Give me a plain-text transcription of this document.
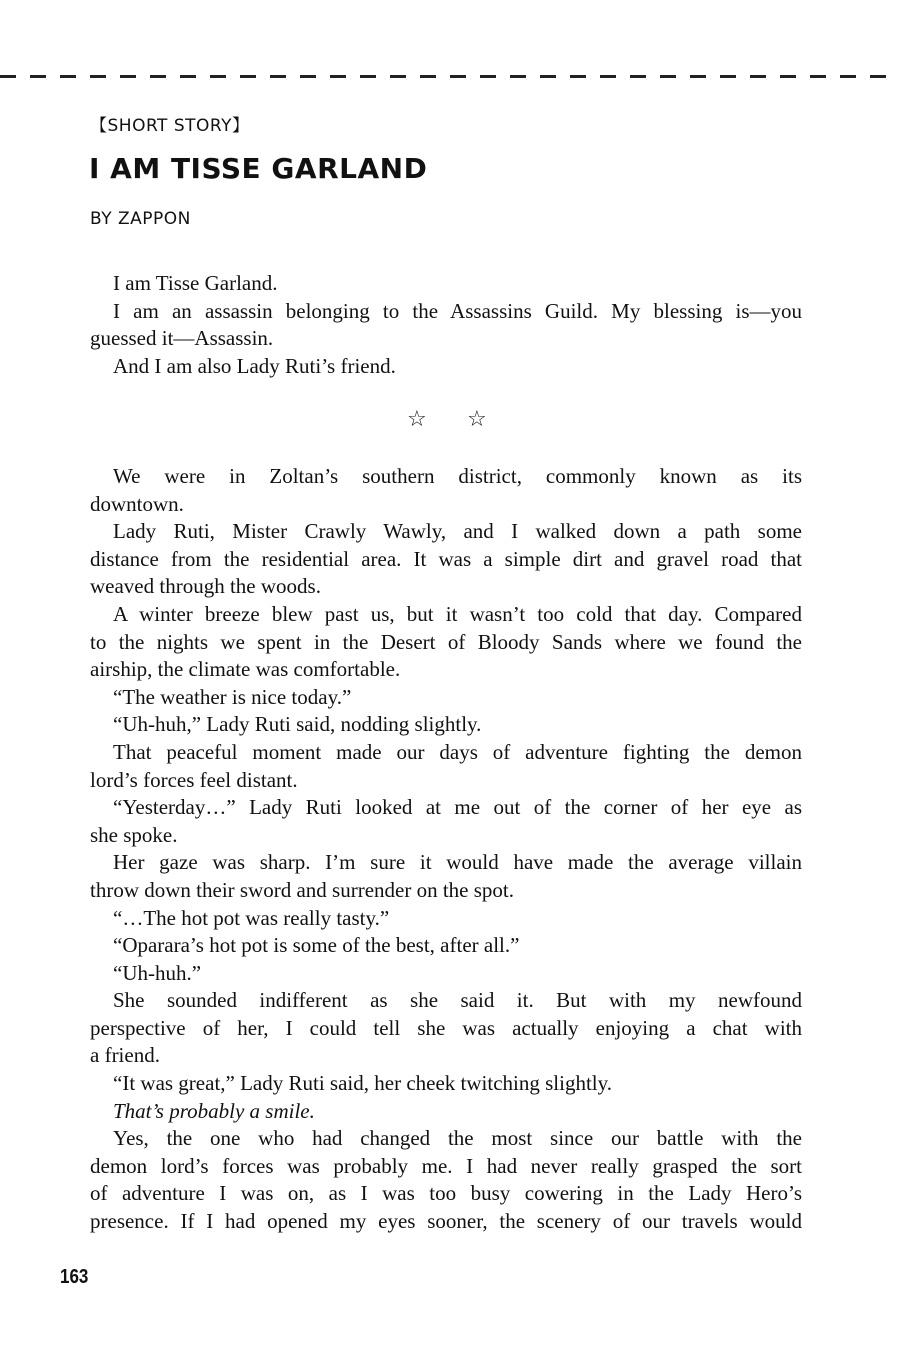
【SHORT STORY】
I AM TISSE GARLAND
BY ZAPPON
I am Tisse Garland.
I am an assassin belonging to the Assassins Guild. My blessing is—you
guessed it—Assassin.
And I am also Lady Ruti’s friend.
☆ ☆
We were in Zoltan’s southern district, commonly known as its
downtown.
Lady Ruti, Mister Crawly Wawly, and I walked down a path some
distance from the residential area. It was a simple dirt and gravel road that
weaved through the woods.
A winter breeze blew past us, but it wasn’t too cold that day. Compared
to the nights we spent in the Desert of Bloody Sands where we found the
airship, the climate was comfortable.
“The weather is nice today.”
“Uh-huh,” Lady Ruti said, nodding slightly.
That peaceful moment made our days of adventure fighting the demon
lord’s forces feel distant.
“Yesterday…” Lady Ruti looked at me out of the corner of her eye as
she spoke.
Her gaze was sharp. I’m sure it would have made the average villain
throw down their sword and surrender on the spot.
“…The hot pot was really tasty.”
“Oparara’s hot pot is some of the best, after all.”
“Uh-huh.”
She sounded indifferent as she said it. But with my newfound
perspective of her, I could tell she was actually enjoying a chat with
a friend.
“It was great,” Lady Ruti said, her cheek twitching slightly.
That’s probably a smile.
Yes, the one who had changed the most since our battle with the
demon lord’s forces was probably me. I had never really grasped the sort
of adventure I was on, as I was too busy cowering in the Lady Hero’s
presence. If I had opened my eyes sooner, the scenery of our travels would
163
